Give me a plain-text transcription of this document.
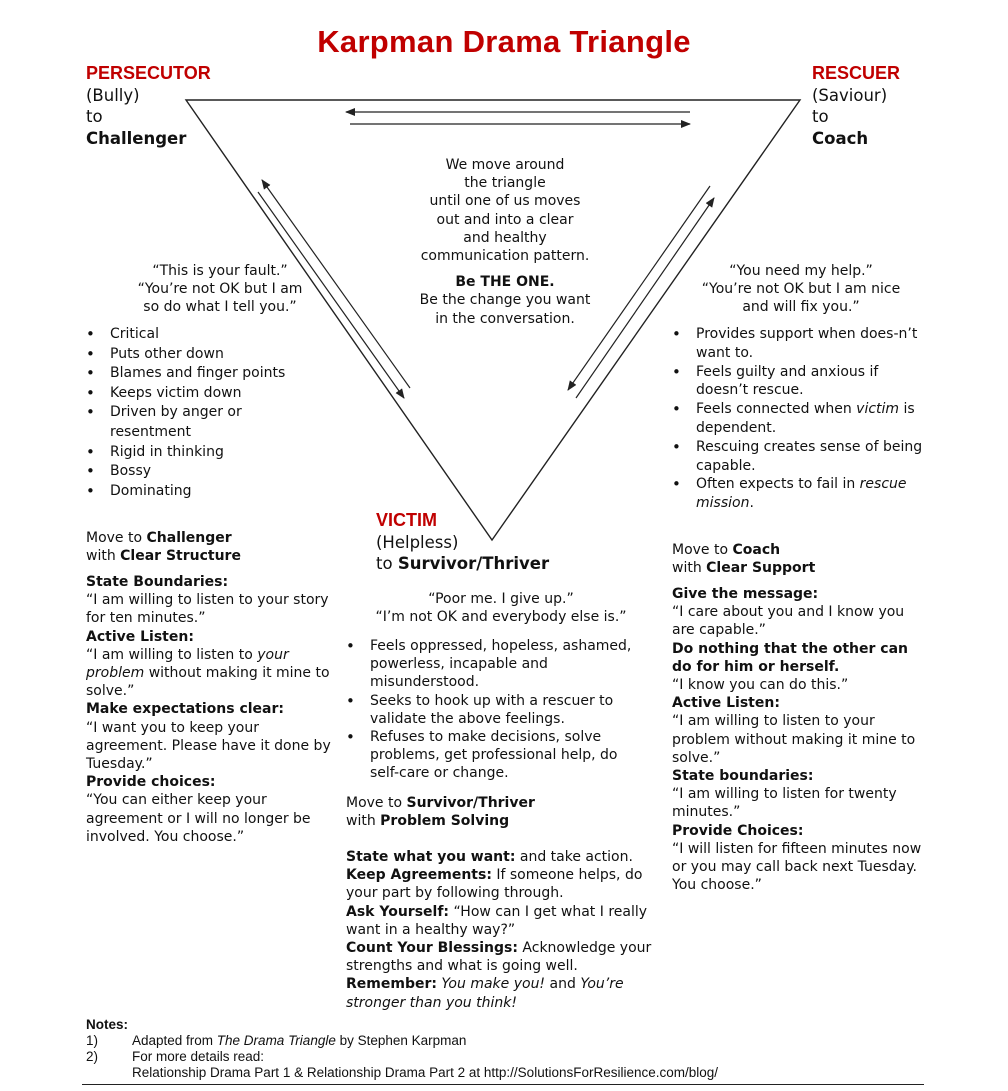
Karpman Drama Triangle
PERSECUTOR
(Bully)
to
Challenger
RESCUER
(Saviour)
to
Coach
We move around
the triangle
until one of us moves
out and into a clear
and healthy
communication pattern.
Be THE ONE.
Be the change you want
in the conversation.
“This is your fault.”
“You’re not OK but I am
so do what I tell you.”
• Critical
• Puts other down
• Blames and finger points
• Keeps victim down
• Driven by anger or resentment
• Rigid in thinking
• Bossy
• Dominating
Move to Challenger
with Clear Structure
State Boundaries:
“I am willing to listen to your story for ten minutes.”
Active Listen:
“I am willing to listen to your problem without making it mine to solve.”
Make expectations clear:
“I want you to keep your agreement. Please have it done by Tuesday.”
Provide choices:
“You can either keep your agreement or I will no longer be involved. You choose.”
“You need my help.”
“You’re not OK but I am nice
and will fix you.”
• Provides support when does-n’t want to.
• Feels guilty and anxious if doesn’t rescue.
• Feels connected when victim is dependent.
• Rescuing creates sense of being capable.
• Often expects to fail in rescue mission.
Move to Coach
with Clear Support
Give the message:
“I care about you and I know you are capable.”
Do nothing that the other can do for him or herself.
“I know you can do this.”
Active Listen:
“I am willing to listen to your problem without making it mine to solve.”
State boundaries:
“I am willing to listen for twenty minutes.”
Provide Choices:
“I will listen for fifteen minutes now or you may call back next Tuesday. You choose.”
VICTIM
(Helpless)
to Survivor/Thriver
“Poor me. I give up.”
“I’m not OK and everybody else is.”
• Feels oppressed, hopeless, ashamed, powerless, incapable and misunderstood.
• Seeks to hook up with a rescuer to validate the above feelings.
• Refuses to make decisions, solve problems, get professional help, do self-care or change.
Move to Survivor/Thriver
with Problem Solving
State what you want: and take action.
Keep Agreements: If someone helps, do your part by following through.
Ask Yourself: “How can I get what I really want in a healthy way?”
Count Your Blessings: Acknowledge your strengths and what is going well.
Remember: You make you! and You’re stronger than you think!
Notes:
1)	Adapted from The Drama Triangle by Stephen Karpman
2)	For more details read:
Relationship Drama Part 1 & Relationship Drama Part 2 at http://SolutionsForResilience.com/blog/
